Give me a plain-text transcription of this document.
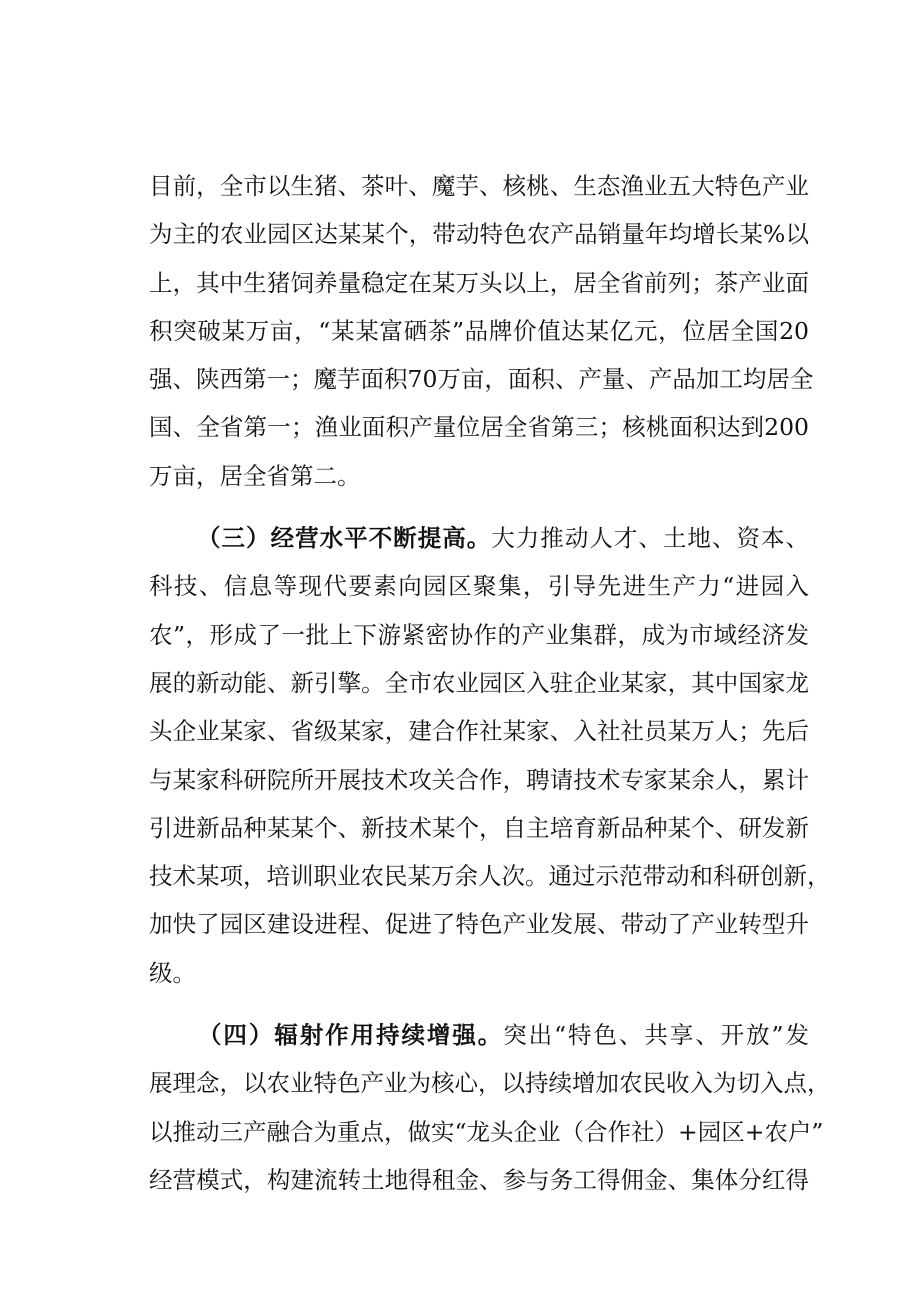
目前，全市以生猪、茶叶、魔芋、核桃、生态渔业五大特色产业
为主的农业园区达某某个，带动特色农产品销量年均增长某%以
上，其中生猪饲养量稳定在某万头以上，居全省前列；茶产业面
积突破某万亩，“某某富硒茶”品牌价值达某亿元，位居全国20
强、陕西第一；魔芋面积70万亩，面积、产量、产品加工均居全
国、全省第一；渔业面积产量位居全省第三；核桃面积达到200
万亩，居全省第二。
（三）经营水平不断提高。大力推动人才、土地、资本、
科技、信息等现代要素向园区聚集，引导先进生产力“进园入
农”，形成了一批上下游紧密协作的产业集群，成为市域经济发
展的新动能、新引擎。全市农业园区入驻企业某家，其中国家龙
头企业某家、省级某家，建合作社某家、入社社员某万人；先后
与某家科研院所开展技术攻关合作，聘请技术专家某余人，累计
引进新品种某某个、新技术某个，自主培育新品种某个、研发新
技术某项，培训职业农民某万余人次。通过示范带动和科研创新，
加快了园区建设进程、促进了特色产业发展、带动了产业转型升
级。
（四）辐射作用持续增强。突出“特色、共享、开放”发
展理念，以农业特色产业为核心，以持续增加农民收入为切入点，
以推动三产融合为重点，做实“龙头企业（合作社）+园区+农户”
经营模式，构建流转土地得租金、参与务工得佣金、集体分红得
